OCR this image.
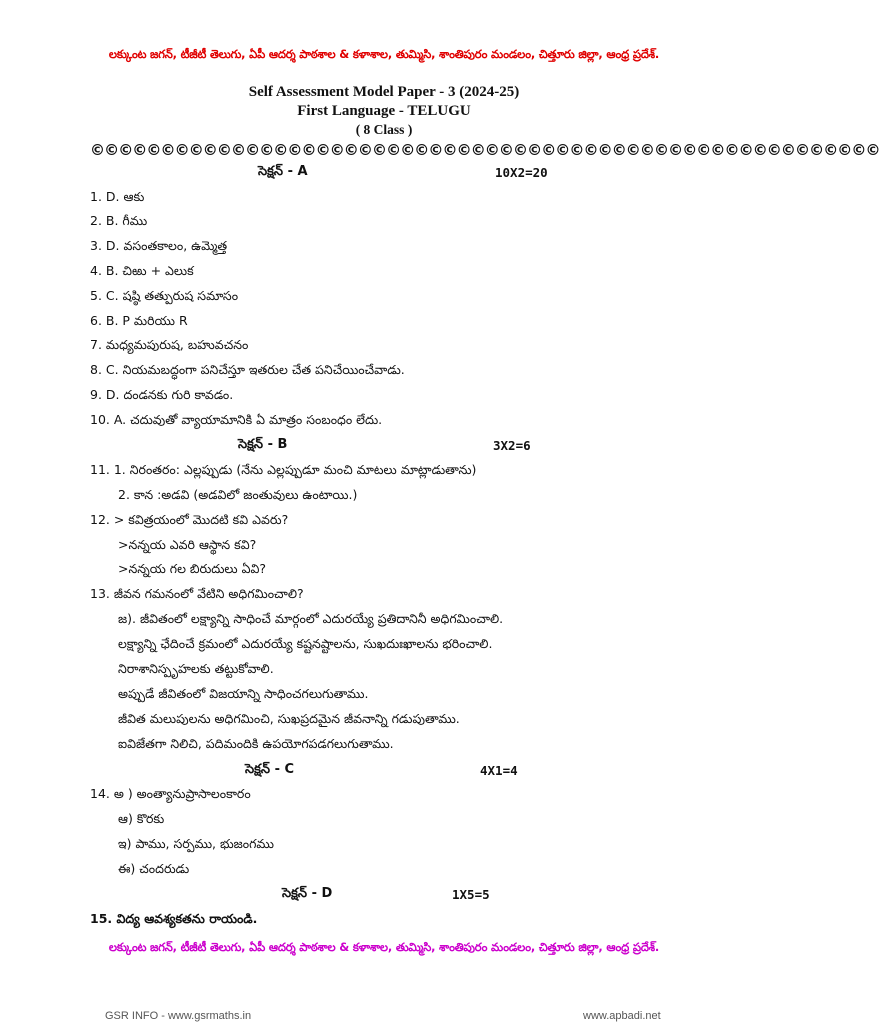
లక్కుంట జగన్, టీజీటీ తెలుగు, ఏపీ ఆదర్శ పాఠశాల & కళాశాల, తుమ్మిసి, శాంతిపురం మండలం, చిత్తూరు జిల్లా, ఆంధ్ర ప్రదేశ్.
Self Assessment Model Paper - 3 (2024-25)
First Language - TELUGU
( 8 Class )
©©©©©©©©©©©©©©©©©©©©©©©©©©©©©©©©©©©©©©©©©©©©©©©©©©©©©©©©
సెక్షన్ - A	10X2=20
1. D. ఆకు
2. B. గీము
3. D. వసంతకాలం, ఉమ్మెత్త
4. B. చిఱు + ఎలుక
5. C. షష్ఠి తత్పురుష సమాసం
6. B. P మరియు R
7. మధ్యమపురుష, బహువచనం
8. C. నియమబద్ధంగా పనిచేస్తూ ఇతరుల చేత పనిచేయించేవాడు.
9. D. దండనకు గురి కావడం.
10. A. చదువుతో వ్యాయామానికి ఏ మాత్రం సంబంధం లేదు.
సెక్షన్ - B	3X2=6
11. 1. నిరంతరం: ఎల్లప్పుడు (నేను ఎల్లప్పుడూ మంచి మాటలు మాట్లాడుతాను)
2. కాన :అడవి (అడవిలో జంతువులు ఉంటాయి.)
12. > కవిత్రయంలో మొదటి కవి ఎవరు?
>నన్నయ ఎవరి ఆస్థాన కవి?
>నన్నయ గల బిరుదులు ఏవి?
13. జీవన గమనంలో వేటిని అధిగమించాలి?
జ). జీవితంలో లక్ష్యాన్ని సాధించే మార్గంలో ఎదురయ్యే ప్రతిదానినీ అధిగమించాలి.
లక్ష్యాన్ని ఛేదించే క్రమంలో ఎదురయ్యే కష్టనష్టాలను, సుఖదుఃఖాలను భరించాలి.
నిరాశానిస్పృహలకు తట్టుకోవాలి.
అప్పుడే జీవితంలో విజయాన్ని సాధించగలుగుతాము.
జీవిత మలుపులను అధిగమించి, సుఖప్రదమైన జీవనాన్ని గడుపుతాము.
ఐవిజేతగా నిలిచి, పదిమందికి ఉపయోగపడగలుగుతాము.
సెక్షన్ - C	4X1=4
14. అ ) అంత్యానుప్రాసాలంకారం
ఆ) కొరకు
ఇ) పాము, సర్పము, భుజంగము
ఈ) చందరుడు
సెక్షన్ - D	1X5=5
15. విద్య ఆవశ్యకతను రాయండి.
లక్కుంట జగన్, టీజీటీ తెలుగు, ఏపీ ఆదర్శ పాఠశాల & కళాశాల, తుమ్మిసి, శాంతిపురం మండలం, చిత్తూరు జిల్లా, ఆంధ్ర ప్రదేశ్.
GSR INFO - www.gsrmaths.in	www.apbadi.net
